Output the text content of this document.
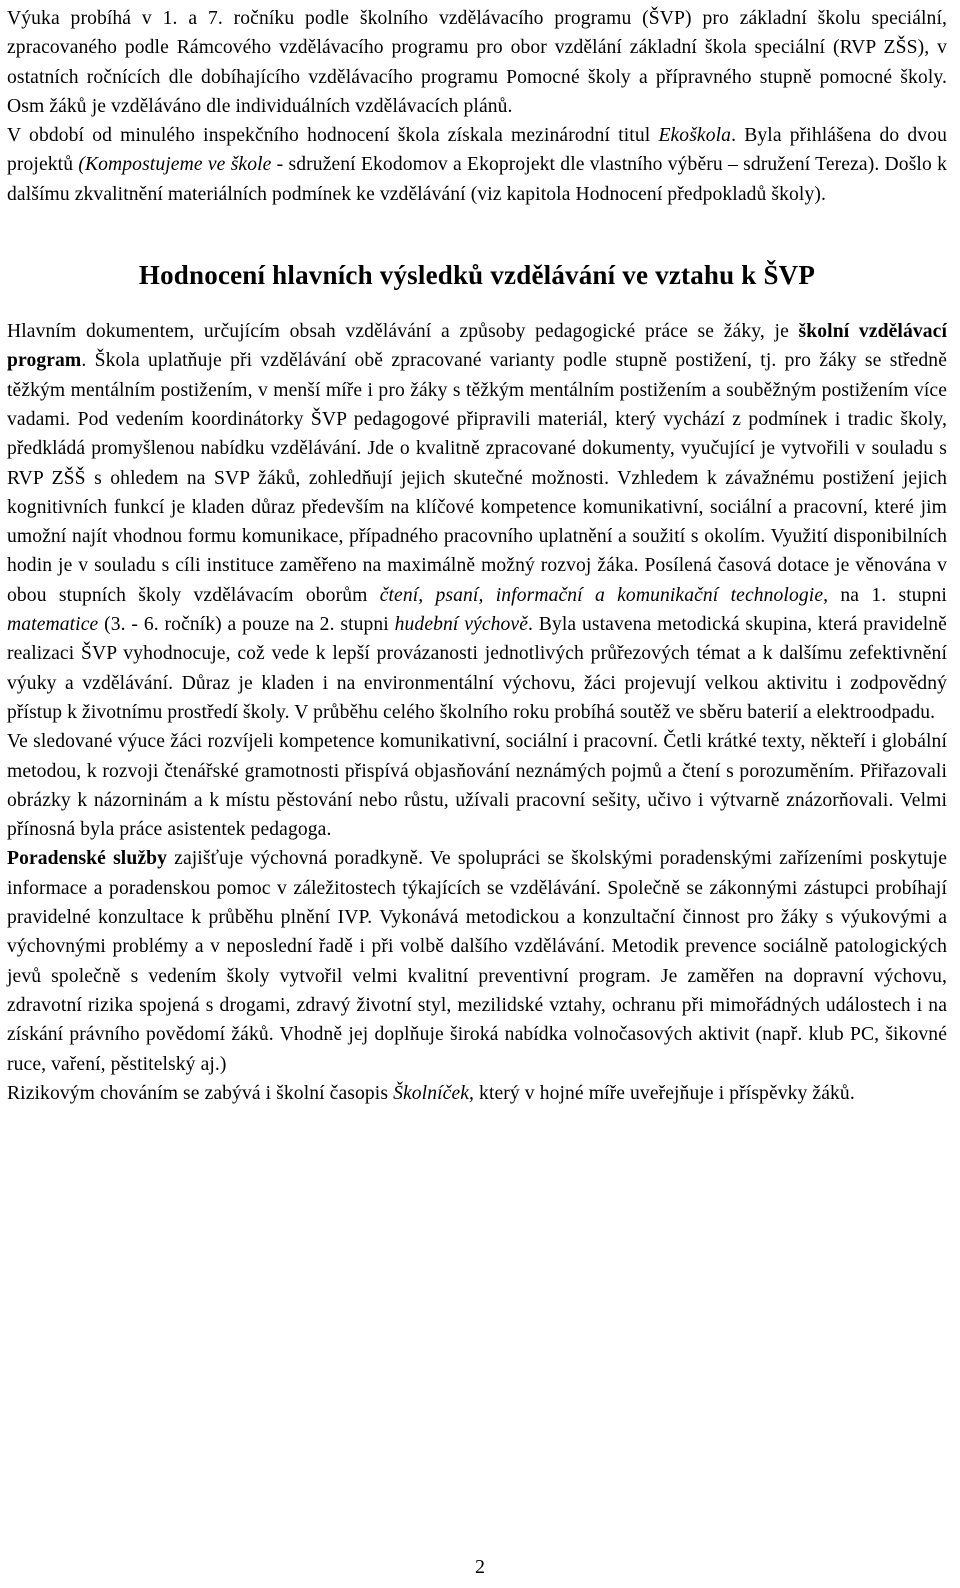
Výuka probíhá v 1. a 7. ročníku podle školního vzdělávacího programu (ŠVP) pro základní školu speciální, zpracovaného podle Rámcového vzdělávacího programu pro obor vzdělání základní škola speciální (RVP ZŠS), v ostatních ročnících dle dobíhajícího vzdělávacího programu Pomocné školy a přípravného stupně pomocné školy. Osm žáků je vzděláváno dle individuálních vzdělávacích plánů.

V období od minulého inspekčního hodnocení škola získala mezinárodní titul Ekoškola. Byla přihlášena do dvou projektů (Kompostujeme ve škole - sdružení Ekodomov a Ekoprojekt dle vlastního výběru – sdružení Tereza). Došlo k dalšímu zkvalitnění materiálních podmínek ke vzdělávání (viz kapitola Hodnocení předpokladů školy).

Hodnocení hlavních výsledků vzdělávání ve vztahu k ŠVP

Hlavním dokumentem, určujícím obsah vzdělávání a způsoby pedagogické práce se žáky, je školní vzdělávací program. Škola uplatňuje při vzdělávání obě zpracované varianty podle stupně postižení, tj. pro žáky se středně těžkým mentálním postižením, v menší míře i pro žáky s těžkým mentálním postižením a souběžným postižením více vadami. Pod vedením koordinátorky ŠVP pedagogové připravili materiál, který vychází z podmínek i tradic školy, předkládá promyšlenou nabídku vzdělávání. Jde o kvalitně zpracované dokumenty, vyučující je vytvořili v souladu s RVP ZŠŠ s ohledem na SVP žáků, zohledňují jejich skutečné možnosti. Vzhledem k závažnému postižení jejich kognitivních funkcí je kladen důraz především na klíčové kompetence komunikativní, sociální a pracovní, které jim umožní najít vhodnou formu komunikace, případného pracovního uplatnění a soužití s okolím. Využití disponibilních hodin je v souladu s cíli instituce zaměřeno na maximálně možný rozvoj žáka. Posílená časová dotace je věnována v obou stupních školy vzdělávacím oborům čtení, psaní, informační a komunikační technologie, na 1. stupni matematice (3. - 6. ročník) a pouze na 2. stupni hudební výchově. Byla ustavena metodická skupina, která pravidelně realizaci ŠVP vyhodnocuje, což vede k lepší provázanosti jednotlivých průřezových témat a k dalšímu zefektivnění výuky a vzdělávání. Důraz je kladen i na environmentální výchovu, žáci projevují velkou aktivitu i zodpovědný přístup k životnímu prostředí školy. V průběhu celého školního roku probíhá soutěž ve sběru baterií a elektroodpadu.

Ve sledované výuce žáci rozvíjeli kompetence komunikativní, sociální i pracovní. Četli krátké texty, někteří i globální metodou, k rozvoji čtenářské gramotnosti přispívá objasňování neznámých pojmů a čtení s porozuměním. Přiřazovali obrázky k názorninám a k místu pěstování nebo růstu, užívali pracovní sešity, učivo i výtvarně znázorňovali. Velmi přínosná byla práce asistentek pedagoga.

Poradenské služby zajišťuje výchovná poradkyně. Ve spolupráci se školskými poradenskými zařízeními poskytuje informace a poradenskou pomoc v záležitostech týkajících se vzdělávání. Společně se zákonnými zástupci probíhají pravidelné konzultace k průběhu plnění IVP. Vykonává metodickou a konzultační činnost pro žáky s výukovými a výchovnými problémy a v neposlední řadě i při volbě dalšího vzdělávání. Metodik prevence sociálně patologických jevů společně s vedením školy vytvořil velmi kvalitní preventivní program. Je zaměřen na dopravní výchovu, zdravotní rizika spojená s drogami, zdravý životní styl, mezilidské vztahy, ochranu při mimořádných událostech i na získání právního povědomí žáků. Vhodně jej doplňuje široká nabídka volnočasových aktivit (např. klub PC, šikovné ruce, vaření, pěstitelský aj.)

Rizikovým chováním se zabývá i školní časopis Školníček, který v hojné míře uveřejňuje i příspěvky žáků.

2
